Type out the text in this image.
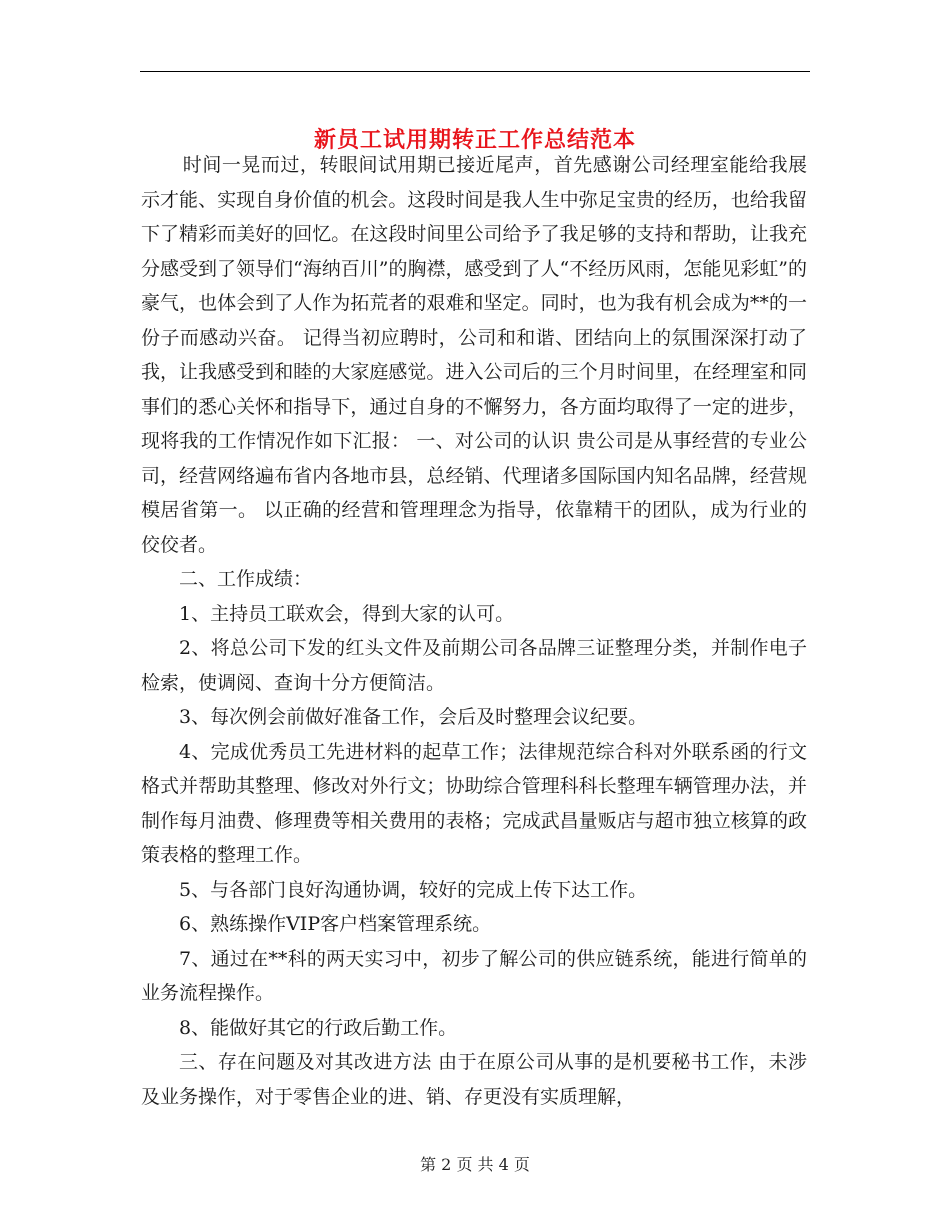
新员工试用期转正工作总结范本

时间一晃而过，转眼间试用期已接近尾声，首先感谢公司经理室能给我展示才能、实现自身价值的机会。这段时间是我人生中弥足宝贵的经历，也给我留下了精彩而美好的回忆。在这段时间里公司给予了我足够的支持和帮助，让我充分感受到了领导们“海纳百川”的胸襟，感受到了人“不经历风雨，怎能见彩虹”的豪气，也体会到了人作为拓荒者的艰难和坚定。同时，也为我有机会成为**的一份子而感动兴奋。 记得当初应聘时，公司和和谐、团结向上的氛围深深打动了我，让我感受到和睦的大家庭感觉。进入公司后的三个月时间里，在经理室和同事们的悉心关怀和指导下，通过自身的不懈努力，各方面均取得了一定的进步，现将我的工作情况作如下汇报： 一、对公司的认识 贵公司是从事经营的专业公司，经营网络遍布省内各地市县，总经销、代理诸多国际国内知名品牌，经营规模居省第一。 以正确的经营和管理理念为指导，依靠精干的团队，成为行业的佼佼者。

二、工作成绩：

1、主持员工联欢会，得到大家的认可。

2、将总公司下发的红头文件及前期公司各品牌三证整理分类，并制作电子检索，使调阅、查询十分方便简洁。

3、每次例会前做好准备工作，会后及时整理会议纪要。

4、完成优秀员工先进材料的起草工作；法律规范综合科对外联系函的行文格式并帮助其整理、修改对外行文；协助综合管理科科长整理车辆管理办法，并制作每月油费、修理费等相关费用的表格；完成武昌量贩店与超市独立核算的政策表格的整理工作。

5、与各部门良好沟通协调，较好的完成上传下达工作。

6、熟练操作VIP客户档案管理系统。

7、通过在**科的两天实习中，初步了解公司的供应链系统，能进行简单的业务流程操作。

8、能做好其它的行政后勤工作。

三、存在问题及对其改进方法 由于在原公司从事的是机要秘书工作，未涉及业务操作，对于零售企业的进、销、存更没有实质理解，

第 2 页 共 4 页
